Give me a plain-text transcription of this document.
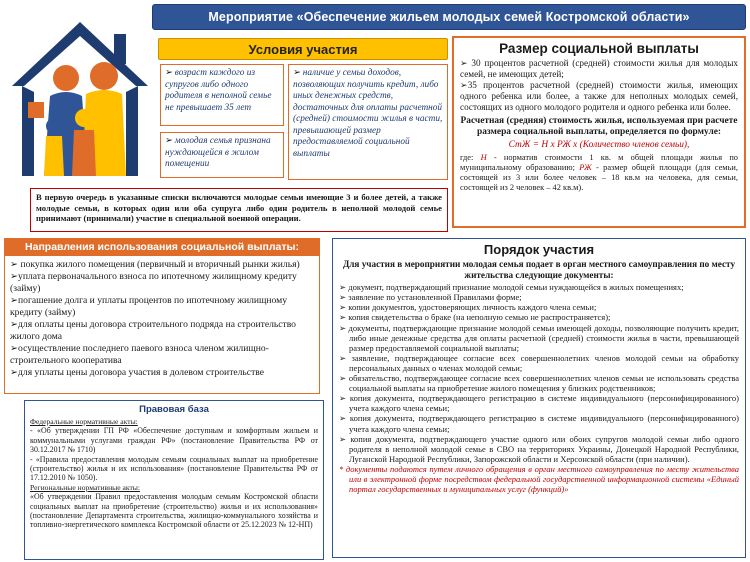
Мероприятие «Обеспечение жильем молодых семей Костромской области»
Условия участия
➢ возраст каждого из супругов либо одного родителя в неполной семье не превышает 35 лет
➢ молодая семья признана нуждающейся в жилом помещении
➢ наличие у семьи доходов, позволяющих получить кредит, либо иных денежных средств, достаточных для оплаты расчетной (средней) стоимости жилья в части, превышающей размер предоставляемой социальной выплаты
Размер социальной выплаты

➢ 30 процентов расчетной (средней) стоимости жилья для молодых семей, не имеющих детей;

➢35 процентов расчетной (средней) стоимости жилья, имеющих одного ребенка или более, а также для неполных молодых семей, состоящих из одного молодого родителя и одного ребенка или более.

Расчетная (средняя) стоимость жилья, используемая при расчете размера социальной выплаты, определяется по формуле:

СтЖ = Н х РЖ х (Количество членов семьи),

где: Н - норматив стоимости 1 кв. м общей площади жилья по муниципальному образованию; РЖ - размер общей площади (для семьи, состоящей из 3 или более человек – 18 кв.м на человека, для семьи, состоящей из 2 человек – 42 кв.м).

В первую очередь в указанные списки включаются молодые семьи имеющие 3 и более детей, а также молодые семьи, в которых один или оба супруга либо один родитель в неполной молодой семье принимают (принимали) участие в специальной военной операции.
Направления использования социальной выплаты:
➢ покупка жилого помещения (первичный и вторичный рынки жилья)
➢уплата первоначального взноса по ипотечному жилищному кредиту (займу)
➢погашение долга и уплаты процентов по ипотечному жилищному кредиту (займу)
➢для оплаты цены договора строительного подряда на строительство жилого дома
➢осуществление последнего паевого взноса членом жилищно-строительного кооператива
➢для уплаты цены договора участия в долевом строительстве
Правовая база

Федеральные нормативные акты:

- «Об утверждении ГП РФ «Обеспечение доступным и комфортным жильем и коммунальными услугами граждан РФ» (постановление Правительства РФ от 30.12.2017 № 1710)

- «Правила предоставления молодым семьям социальных выплат на приобретение (строительство) жилья и их использования» (постановление Правительства РФ от 17.12.2010 № 1050).

Региональные нормативные акты:

«Об утверждении Правил предоставления молодым семьям Костромской области социальных выплат на приобретение (строительство) жилья и их использования» (постановление Департамента строительства, жилищно-коммунального хозяйства и топливно-энергетического комплекса Костромской области от 25.12.2023 № 12-НП)

Порядок участия
Для участия в мероприятии молодая семья подает в орган местного самоуправления по месту жительства следующие документы:
➢ документ, подтверждающий признание молодой семьи нуждающейся в жилых помещениях;
➢ заявление по установленной Правилами форме;
➢ копии документов, удостоверяющих личность каждого члена семьи;
➢ копия свидетельства о браке (на неполную семью не распространяется);
➢ документы, подтверждающие признание молодой семьи имеющей доходы, позволяющие получить кредит, либо иные денежные средства для оплаты расчетной (средней) стоимости жилья в части, превышающей размер предоставляемой социальной выплаты;
➢ заявление, подтверждающее согласие всех совершеннолетних членов молодой семьи на обработку персональных данных о членах молодой семьи;
➢ обязательство, подтверждающее согласие всех совершеннолетних членов семьи не использовать средства социальной выплаты на приобретение жилого помещения у близких родственников;
➢ копия документа, подтверждающего регистрацию в системе индивидуального (персонифицированного) учета каждого члена семьи;
➢ копия документа, подтверждающего регистрацию в системе индивидуального (персонифицированного) учета каждого члена семьи;
➢ копия документа, подтверждающего участие одного или обоих супругов молодой семьи либо одного родителя в неполной молодой семье в СВО на территориях Украины, Донецкой Народной Республики, Луганской Народной Республики, Запорожской области и Херсонской области (при наличии).
* документы подаются путем личного обращения в орган местного самоуправления по месту жительства или в электронной форме посредством федеральной государственной информационной системы «Единый портал государственных и муниципальных услуг (функций)»
